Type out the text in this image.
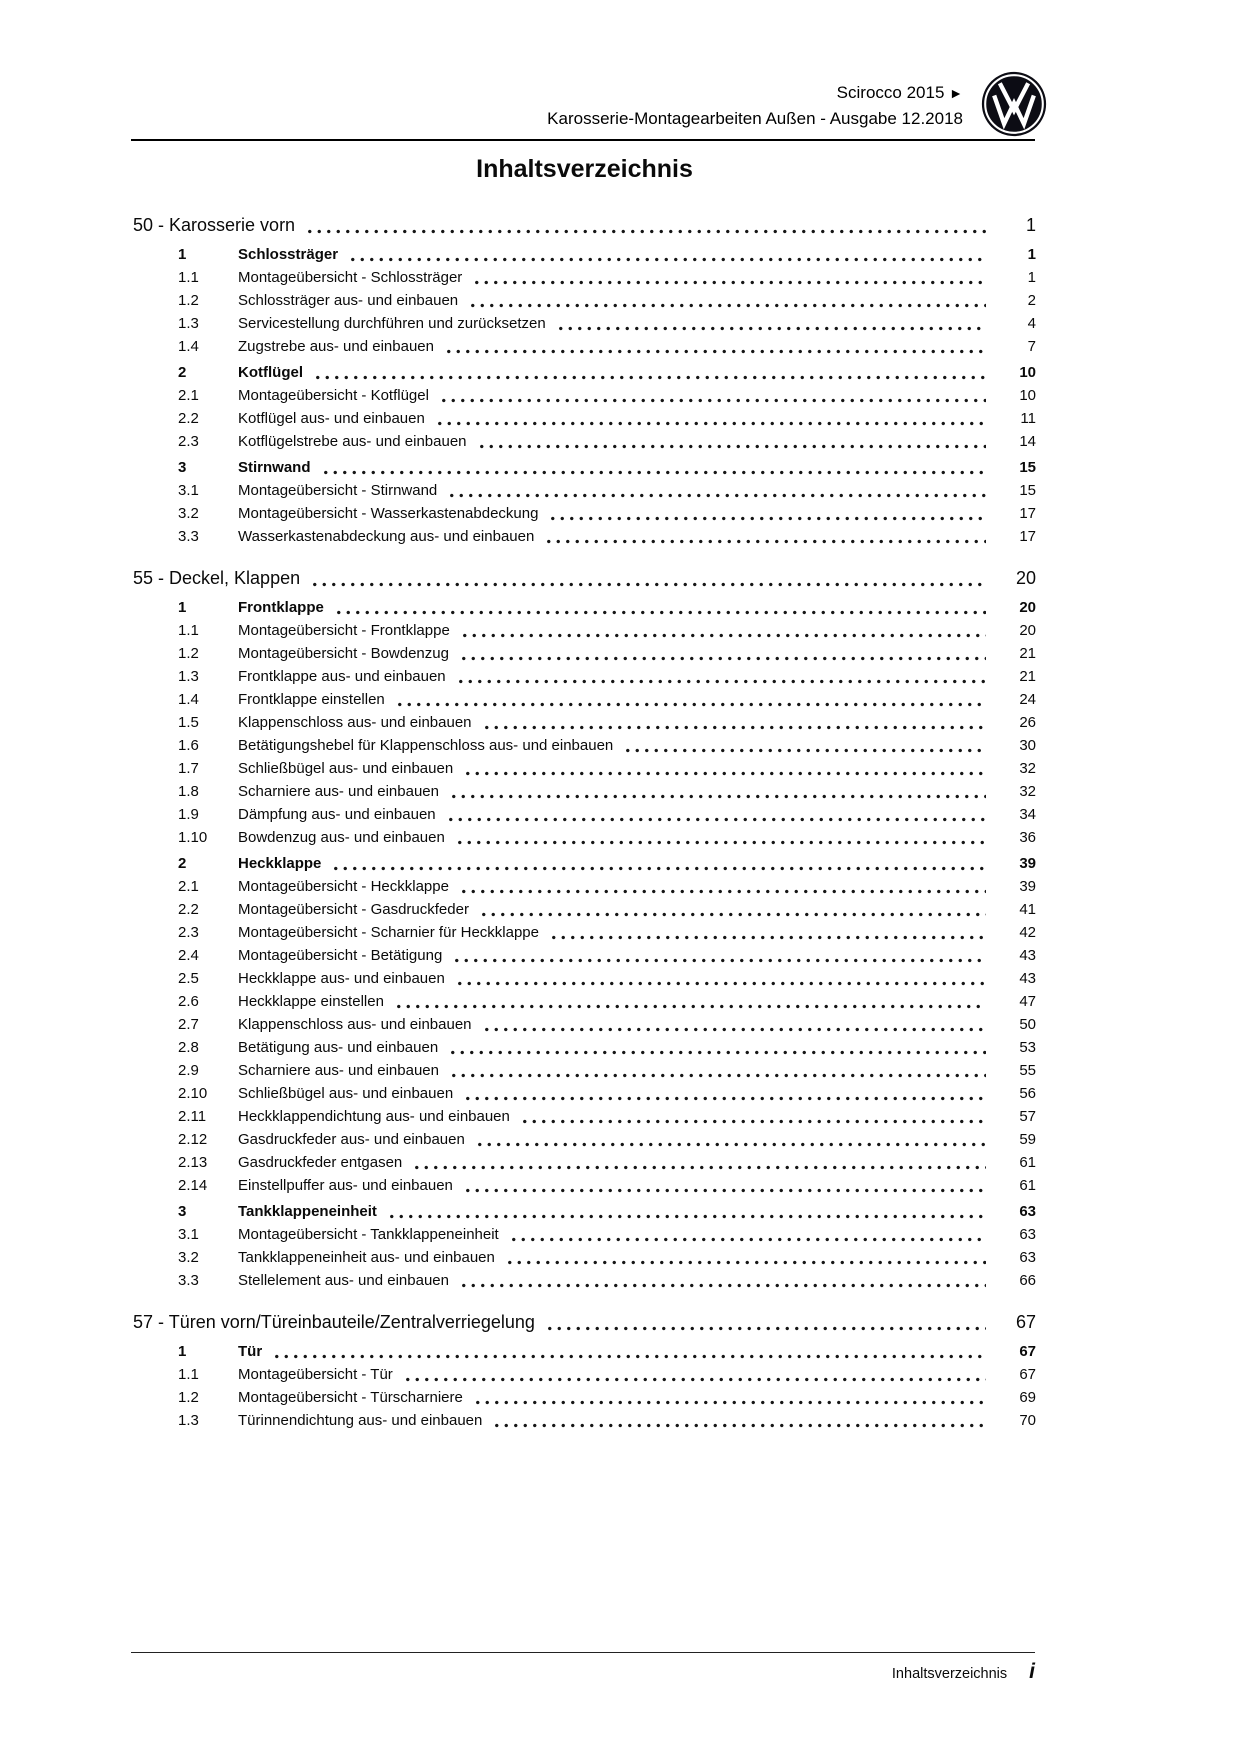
Scirocco 2015 ►
Karosserie-Montagearbeiten Außen - Ausgabe 12.2018
Inhaltsverzeichnis
50 - Karosserie vorn	1
1	Schlossträger	1
1.1	Montageübersicht - Schlossträger	1
1.2	Schlossträger aus- und einbauen	2
1.3	Servicestellung durchführen und zurücksetzen	4
1.4	Zugstrebe aus- und einbauen	7
2	Kotflügel	10
2.1	Montageübersicht - Kotflügel	10
2.2	Kotflügel aus- und einbauen	11
2.3	Kotflügelstrebe aus- und einbauen	14
3	Stirnwand	15
3.1	Montageübersicht - Stirnwand	15
3.2	Montageübersicht - Wasserkastenabdeckung	17
3.3	Wasserkastenabdeckung aus- und einbauen	17
55 - Deckel, Klappen	20
1	Frontklappe	20
1.1	Montageübersicht - Frontklappe	20
1.2	Montageübersicht - Bowdenzug	21
1.3	Frontklappe aus- und einbauen	21
1.4	Frontklappe einstellen	24
1.5	Klappenschloss aus- und einbauen	26
1.6	Betätigungshebel für Klappenschloss aus- und einbauen	30
1.7	Schließbügel aus- und einbauen	32
1.8	Scharniere aus- und einbauen	32
1.9	Dämpfung aus- und einbauen	34
1.10	Bowdenzug aus- und einbauen	36
2	Heckklappe	39
2.1	Montageübersicht - Heckklappe	39
2.2	Montageübersicht - Gasdruckfeder	41
2.3	Montageübersicht - Scharnier für Heckklappe	42
2.4	Montageübersicht - Betätigung	43
2.5	Heckklappe aus- und einbauen	43
2.6	Heckklappe einstellen	47
2.7	Klappenschloss aus- und einbauen	50
2.8	Betätigung aus- und einbauen	53
2.9	Scharniere aus- und einbauen	55
2.10	Schließbügel aus- und einbauen	56
2.11	Heckklappendichtung aus- und einbauen	57
2.12	Gasdruckfeder aus- und einbauen	59
2.13	Gasdruckfeder entgasen	61
2.14	Einstellpuffer aus- und einbauen	61
3	Tankklappeneinheit	63
3.1	Montageübersicht - Tankklappeneinheit	63
3.2	Tankklappeneinheit aus- und einbauen	63
3.3	Stellelement aus- und einbauen	66
57 - Türen vorn/Türeinbauteile/Zentralverriegelung	67
1	Tür	67
1.1	Montageübersicht - Tür	67
1.2	Montageübersicht - Türscharniere	69
1.3	Türinnendichtung aus- und einbauen	70
Inhaltsverzeichnis i
